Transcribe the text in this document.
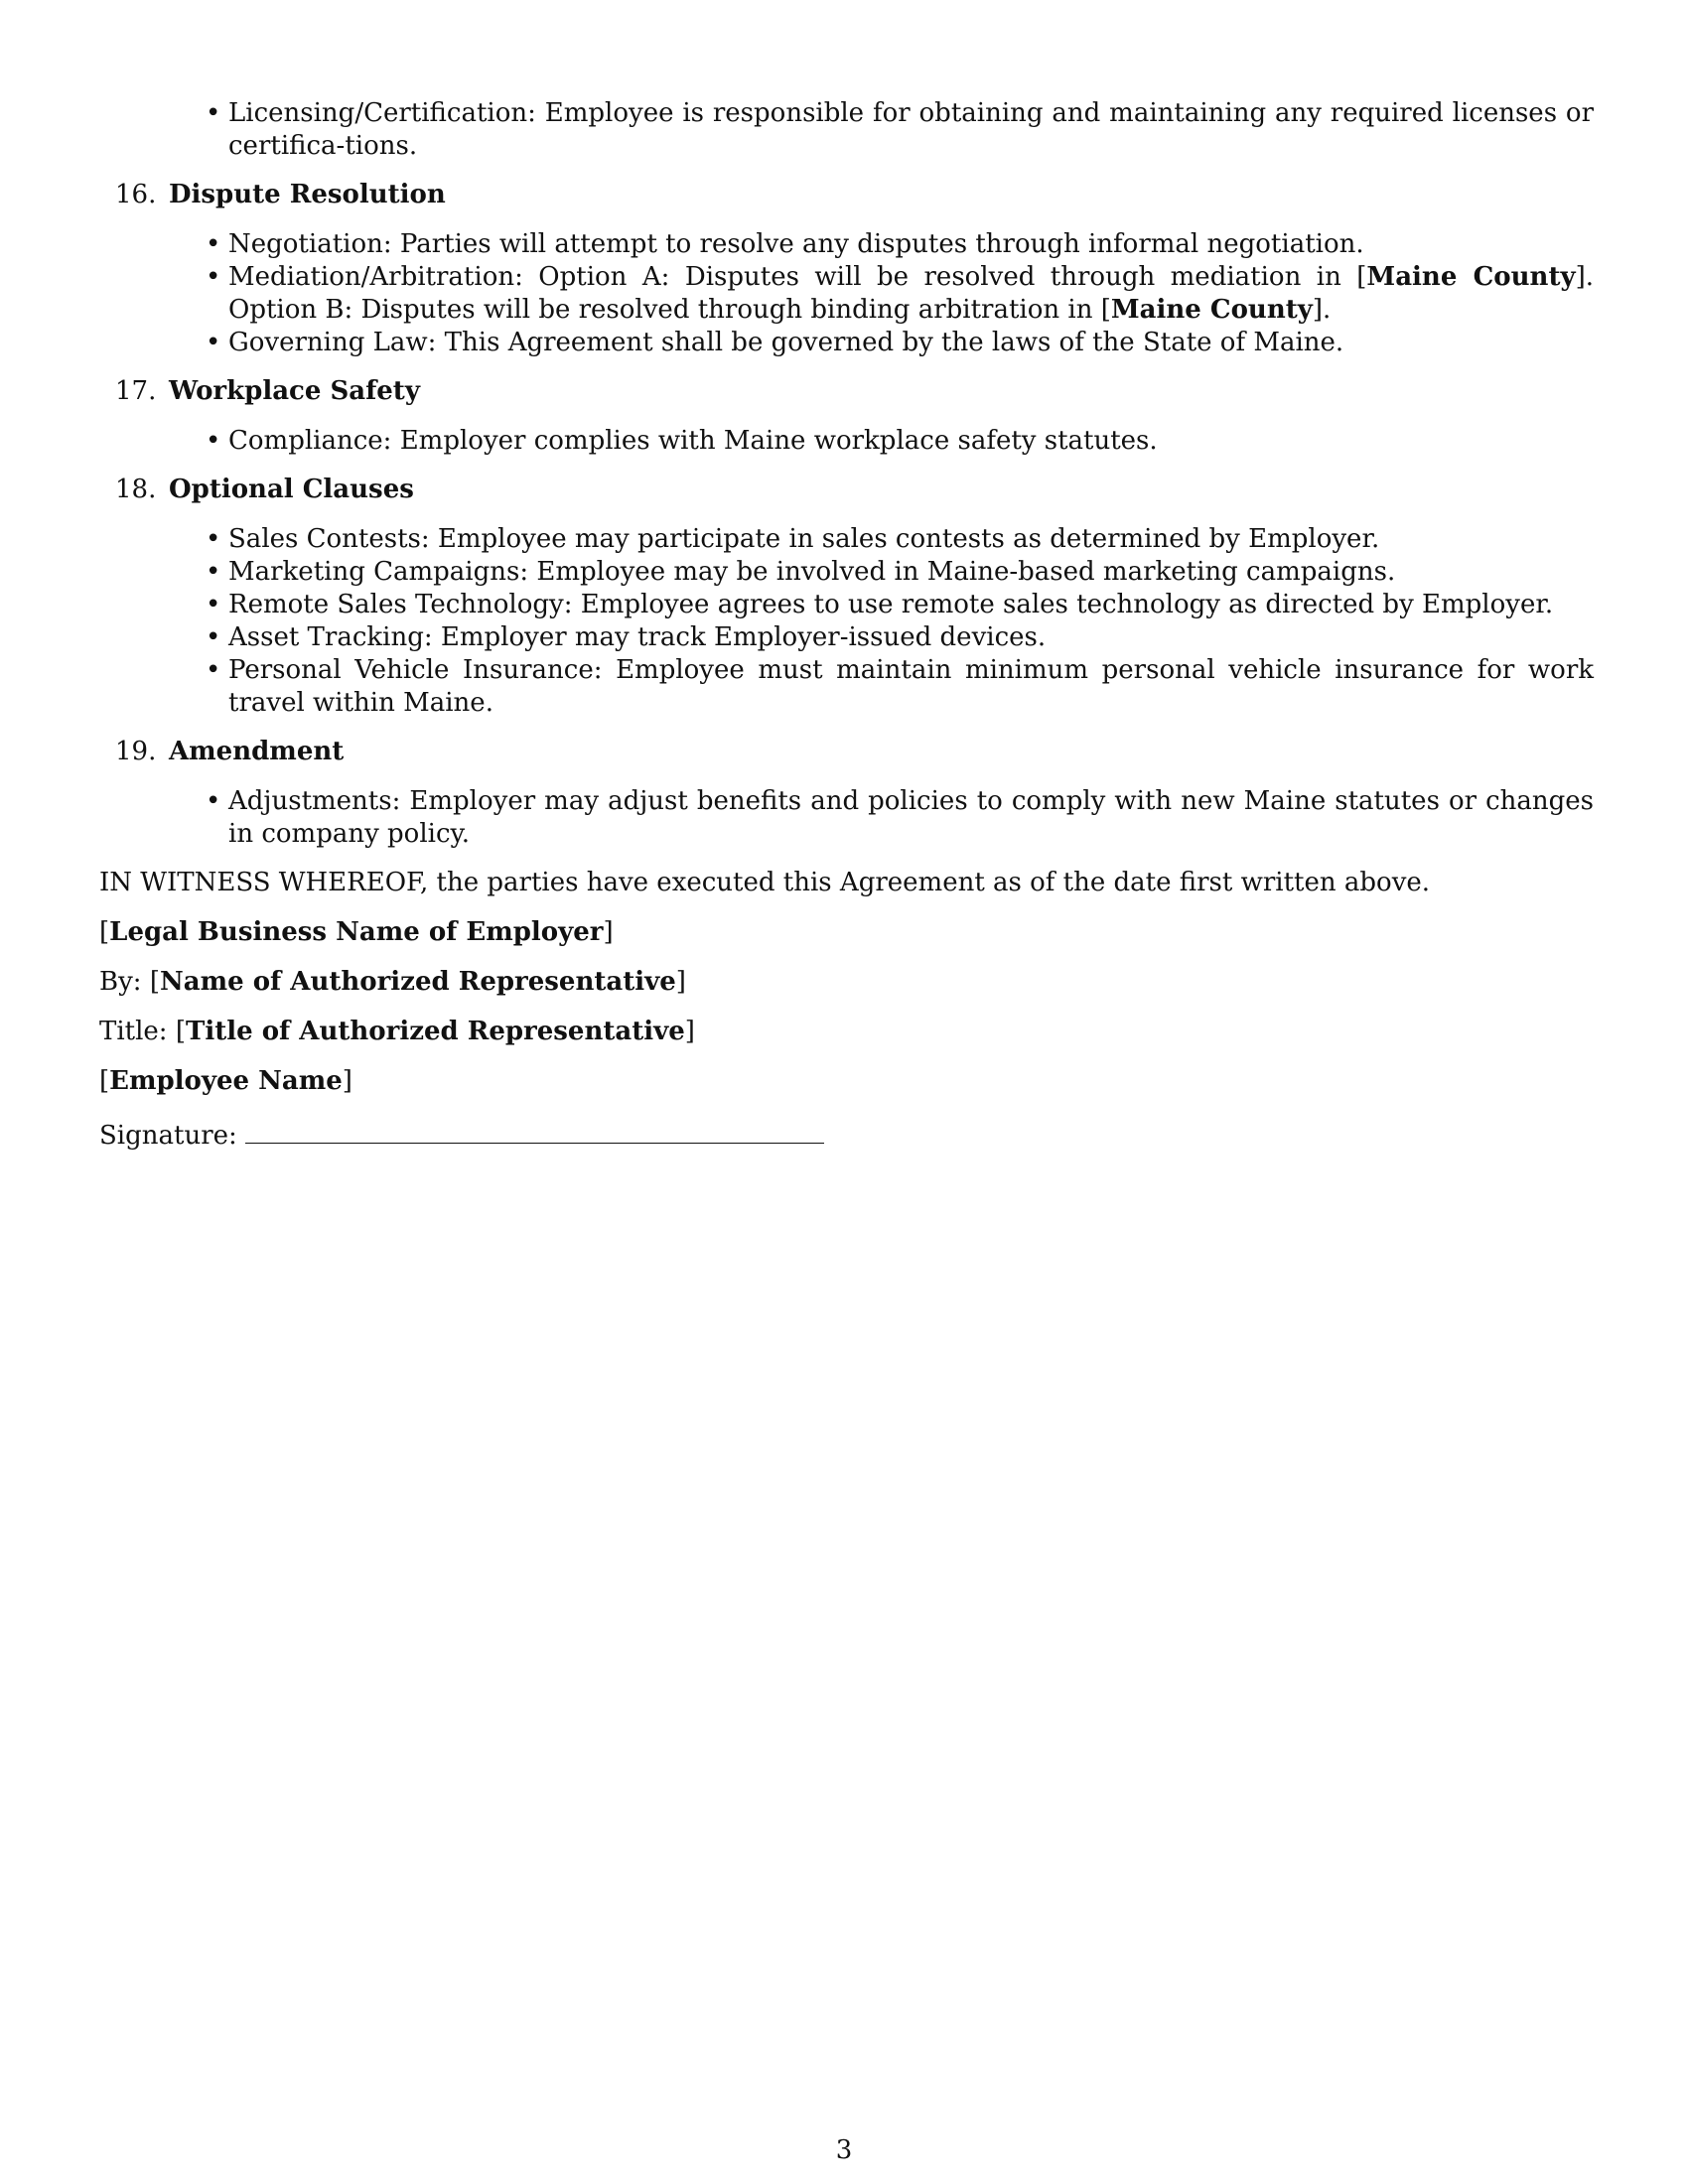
• Licensing/Certification: Employee is responsible for obtaining and maintaining any required licenses or certifica-tions.
16. Dispute Resolution
• Negotiation: Parties will attempt to resolve any disputes through informal negotiation.
• Mediation/Arbitration: Option A: Disputes will be resolved through mediation in [Maine County]. Option B: Disputes will be resolved through binding arbitration in [Maine County].
• Governing Law: This Agreement shall be governed by the laws of the State of Maine.
17. Workplace Safety
• Compliance: Employer complies with Maine workplace safety statutes.
18. Optional Clauses
• Sales Contests: Employee may participate in sales contests as determined by Employer.
• Marketing Campaigns: Employee may be involved in Maine-based marketing campaigns.
• Remote Sales Technology: Employee agrees to use remote sales technology as directed by Employer.
• Asset Tracking: Employer may track Employer-issued devices.
• Personal Vehicle Insurance: Employee must maintain minimum personal vehicle insurance for work travel within Maine.
19. Amendment
• Adjustments: Employer may adjust benefits and policies to comply with new Maine statutes or changes in company policy.
IN WITNESS WHEREOF, the parties have executed this Agreement as of the date first written above.
[Legal Business Name of Employer]
By: [Name of Authorized Representative]
Title: [Title of Authorized Representative]
[Employee Name]
Signature:
3
